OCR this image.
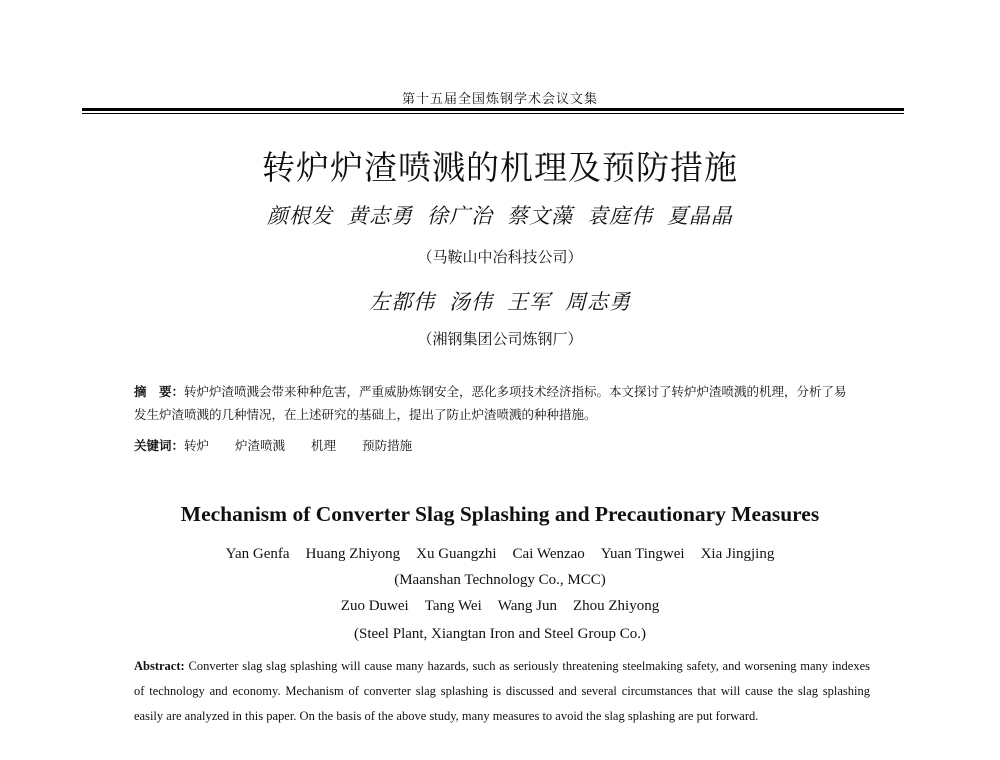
第十五届全国炼钢学术会议文集
转炉炉渣喷溅的机理及预防措施
颜根发 黄志勇 徐广治 蔡文藻 袁庭伟 夏晶晶
（马鞍山中冶科技公司）
左都伟 汤伟 王军 周志勇
（湘钢集团公司炼钢厂）
摘　要：转炉炉渣喷溅会带来种种危害，严重威胁炼钢安全，恶化多项技术经济指标。本文探讨了转炉炉渣喷溅的机理，分析了易发生炉渣喷溅的几种情况，在上述研究的基础上，提出了防止炉渣喷溅的种种措施。
关键词：转炉 炉渣喷溅 机理 预防措施
Mechanism of Converter Slag Splashing and Precautionary Measures
Yan Genfa Huang Zhiyong Xu Guangzhi Cai Wenzao Yuan Tingwei Xia Jingjing
(Maanshan Technology Co., MCC)
Zuo Duwei Tang Wei Wang Jun Zhou Zhiyong
(Steel Plant, Xiangtan Iron and Steel Group Co.)
Abstract: Converter slag slag splashing will cause many hazards, such as seriously threatening steelmaking safety, and worsening many indexes of technology and economy. Mechanism of converter slag splashing is discussed and several circumstances that will cause the slag splashing easily are analyzed in this paper. On the basis of the above study, many measures to avoid the slag splashing are put forward.
